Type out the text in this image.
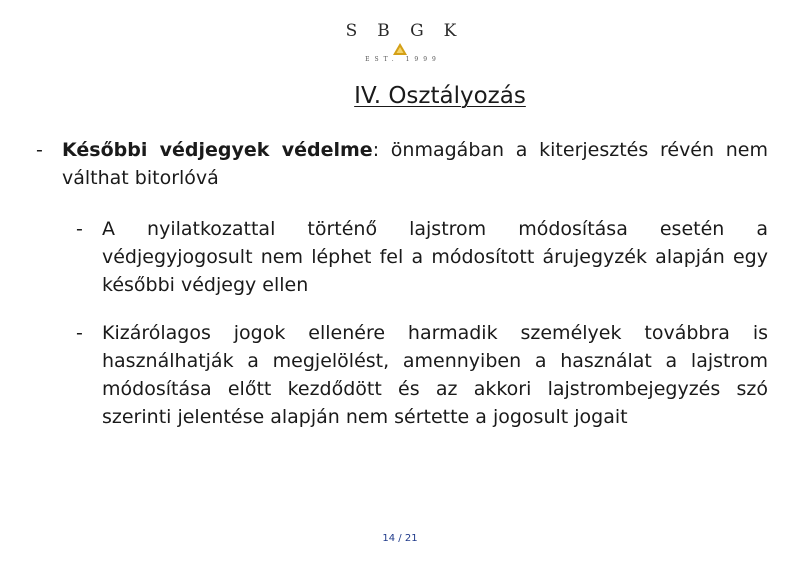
SBGK
EST. 1999
IV. Osztályozás
- Későbbi védjegyek védelme: önmagában a kiterjesztés révén nem válthat bitorlóvá
- A nyilatkozattal történő lajstrom módosítása esetén a védjegyjogosult nem léphet fel a módosított árujegyzék alapján egy későbbi védjegy ellen
- Kizárólagos jogok ellenére harmadik személyek továbbra is használhatják a megjelölést, amennyiben a használat a lajstrom módosítása előtt kezdődött és az akkori lajstrombejegyzés szó szerinti jelentése alapján nem sértette a jogosult jogait
14 / 21
